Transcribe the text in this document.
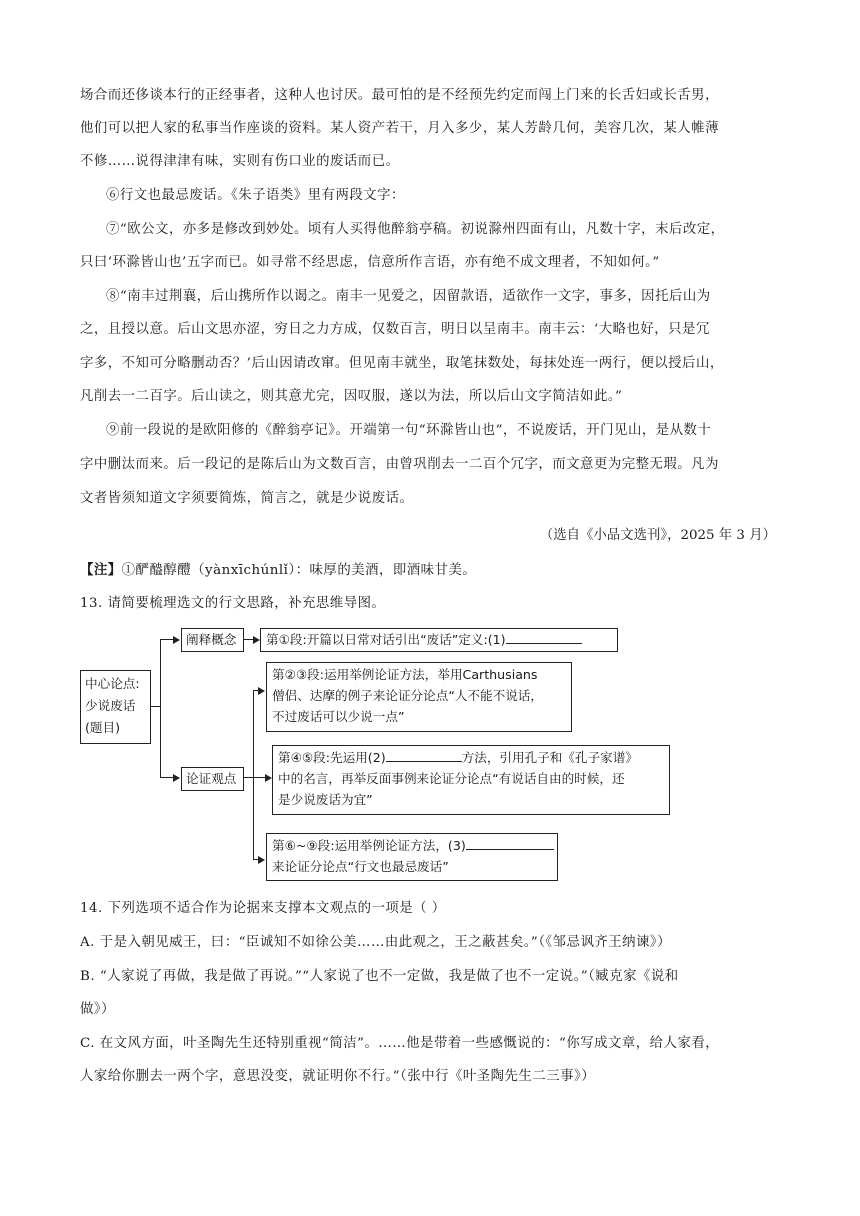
场合而还侈谈本行的正经事者，这种人也讨厌。最可怕的是不经预先约定而闯上门来的长舌妇或长舌男，
他们可以把人家的私事当作座谈的资料。某人资产若干，月入多少，某人芳龄几何，美容几次，某人帷薄
不修……说得津津有味，实则有伤口业的废话而已。
⑥行文也最忌废话。《朱子语类》里有两段文字：
⑦“欧公文，亦多是修改到妙处。顷有人买得他醉翁亭稿。初说滁州四面有山，凡数十字，末后改定，
只曰‘环滁皆山也’五字而已。如寻常不经思虑，信意所作言语，亦有绝不成文理者，不知如何。”
⑧“南丰过荆襄，后山携所作以谒之。南丰一见爱之，因留款语，适欲作一文字，事多，因托后山为
之，且授以意。后山文思亦涩，穷日之力方成，仅数百言，明日以呈南丰。南丰云：‘大略也好，只是冗
字多，不知可分略删动否？’后山因请改窜。但见南丰就坐，取笔抹数处，每抹处连一两行，便以授后山，
凡削去一二百字。后山读之，则其意尤完，因叹服，遂以为法，所以后山文字简洁如此。”
⑨前一段说的是欧阳修的《醉翁亭记》。开端第一句“环滁皆山也”，不说废话，开门见山，是从数十
字中删汰而来。后一段记的是陈后山为文数百言，由曾巩削去一二百个冗字，而文意更为完整无瑕。凡为
文者皆须知道文字须要简炼，简言之，就是少说废话。
（选自《小品文选刊》，2025 年 3 月）
【注】①酽醠醇醴（yànxīchúnlǐ）：味厚的美酒，即酒味甘美。
13. 请简要梳理选文的行文思路，补充思维导图。
中心论点:
少说废话
(题目)
阐释概念
论证观点
第①段:开篇以日常对话引出“废话”定义:(1)
第②③段:运用举例论证方法，举用Carthusians
僧侣、达摩的例子来论证分论点“人不能不说话，
不过废话可以少说一点”
第④⑤段:先运用(2)	方法，引用孔子和《孔子家谱》
中的名言，再举反面事例来论证分论点“有说话自由的时候，还
是少说废话为宜”
第⑥~⑨段:运用举例论证方法，(3)
来论证分论点“行文也最忌废话”
14. 下列选项不适合作为论据来支撑本文观点的一项是（ ）
A. 于是入朝见威王，曰：“臣诚知不如徐公美……由此观之，王之蔽甚矣。”（《邹忌讽齐王纳谏》）
B. “人家说了再做，我是做了再说。”“人家说了也不一定做，我是做了也不一定说。”（臧克家《说和
做》）
C. 在文风方面，叶圣陶先生还特别重视“简洁”。……他是带着一些感慨说的：“你写成文章，给人家看，
人家给你删去一两个字，意思没变，就证明你不行。”（张中行《叶圣陶先生二三事》）
